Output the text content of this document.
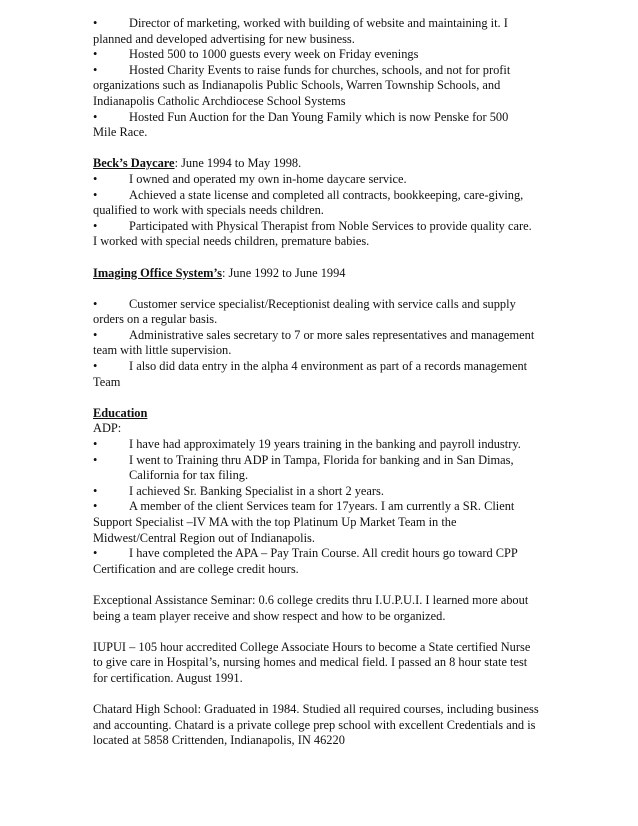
•	Director of marketing, worked with building of website and maintaining it. I
planned and developed advertising for new business.
•	Hosted 500 to 1000 guests every week on Friday evenings
•	Hosted Charity Events to raise funds for churches, schools, and not for profit
organizations such as Indianapolis Public Schools, Warren Township Schools, and
Indianapolis Catholic Archdiocese School Systems
•	Hosted Fun Auction for the Dan Young Family which is now Penske for 500
Mile Race.
Beck’s Daycare: June 1994 to May 1998.
•	I owned and operated my own in-home daycare service.
•	Achieved a state license and completed all contracts, bookkeeping, care-giving,
qualified to work with specials needs children.
•	Participated with Physical Therapist from Noble Services to provide quality care.
I worked with special needs children, premature babies.
Imaging Office System’s: June 1992 to June 1994
•	Customer service specialist/Receptionist dealing with service calls and supply
orders on a regular basis.
•	Administrative sales secretary to 7 or more sales representatives and management
team with little supervision.
•	I also did data entry in the alpha 4 environment as part of a records management
Team
Education
ADP:
•	I have had approximately 19 years training in the banking and payroll industry.
•	I went to Training thru ADP in Tampa, Florida for banking and in San Dimas,
California for tax filing.
•	I achieved Sr. Banking Specialist in a short 2 years.
•	A member of the client Services team for 17years. I am currently a SR. Client
Support Specialist –IV MA with the top Platinum Up Market Team in the
Midwest/Central Region out of Indianapolis.
•	I have completed the APA – Pay Train Course. All credit hours go toward CPP
Certification and are college credit hours.
Exceptional Assistance Seminar: 0.6 college credits thru I.U.P.U.I. I learned more about
being a team player receive and show respect and how to be organized.
IUPUI – 105 hour accredited College Associate Hours to become a State certified Nurse
to give care in Hospital’s, nursing homes and medical field. I passed an 8 hour state test
for certification. August 1991.
Chatard High School: Graduated in 1984. Studied all required courses, including business
and accounting. Chatard is a private college prep school with excellent Credentials and is
located at 5858 Crittenden, Indianapolis, IN 46220
